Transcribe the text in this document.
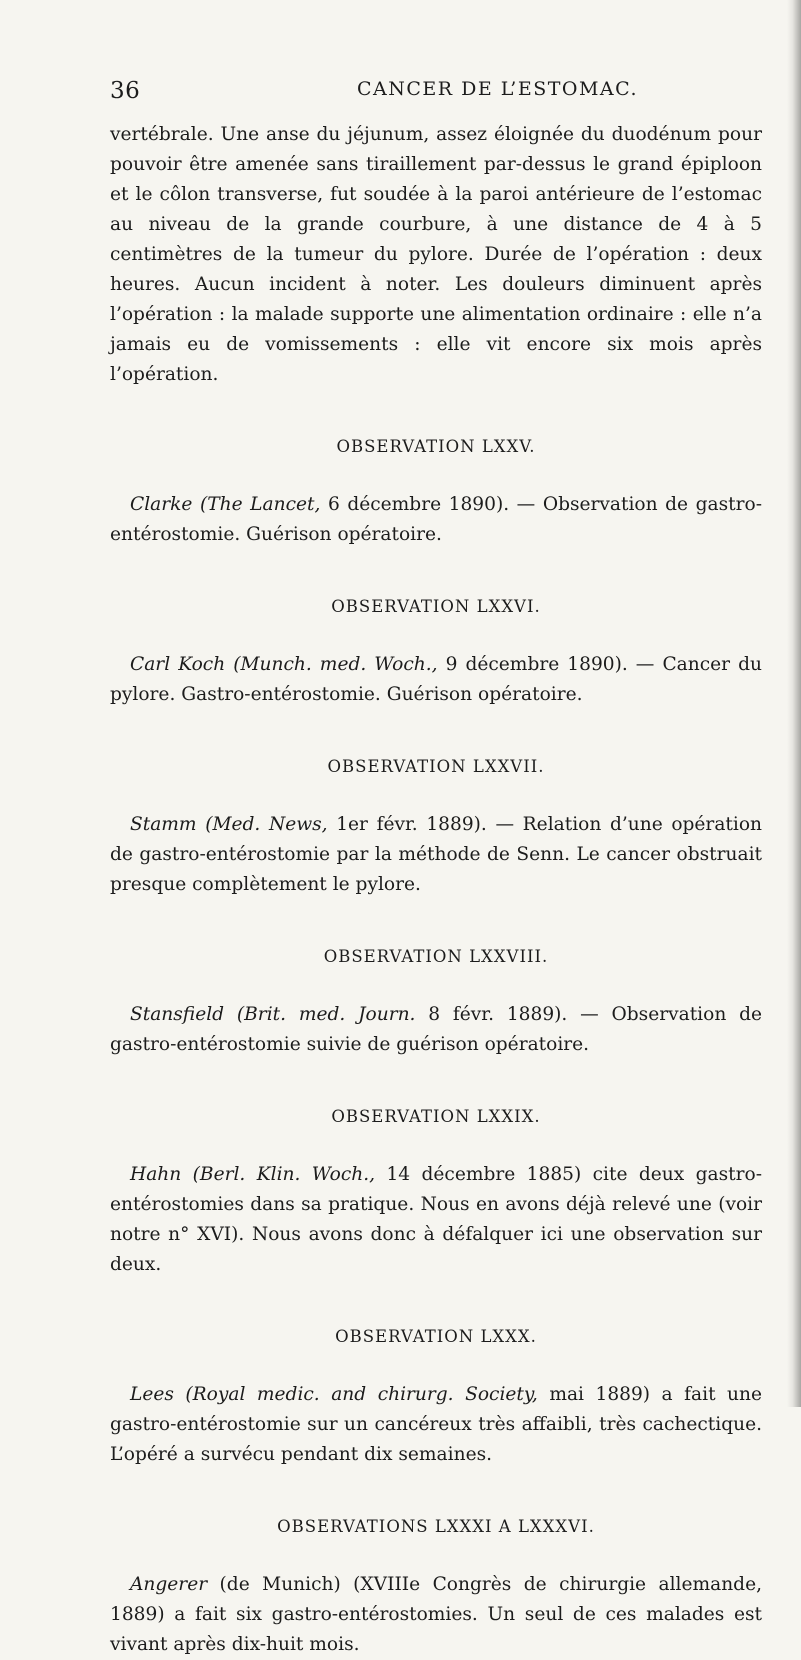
36	CANCER DE L’ESTOMAC.

vertébrale. Une anse du jéjunum, assez éloignée du duodénum pour pouvoir être amenée sans tiraillement par-dessus le grand épiploon et le côlon transverse, fut soudée à la paroi antérieure de l’estomac au niveau de la grande courbure, à une distance de 4 à 5 centimètres de la tumeur du pylore. Durée de l’opération : deux heures. Aucun incident à noter. Les douleurs diminuent après l’opération : la malade supporte une alimentation ordinaire : elle n’a jamais eu de vomissements : elle vit encore six mois après l’opération.

OBSERVATION LXXV.

Clarke (The Lancet, 6 décembre 1890). — Observation de gastro-entérostomie. Guérison opératoire.

OBSERVATION LXXVI.

Carl Koch (Munch. med. Woch., 9 décembre 1890). — Cancer du pylore. Gastro-entérostomie. Guérison opératoire.

OBSERVATION LXXVII.

Stamm (Med. News, 1er févr. 1889). — Relation d’une opération de gastro-entérostomie par la méthode de Senn. Le cancer obstruait presque complètement le pylore.

OBSERVATION LXXVIII.

Stansfield (Brit. med. Journ. 8 févr. 1889). — Observation de gastro-entérostomie suivie de guérison opératoire.

OBSERVATION LXXIX.

Hahn (Berl. Klin. Woch., 14 décembre 1885) cite deux gastro-entérostomies dans sa pratique. Nous en avons déjà relevé une (voir notre n° XVI). Nous avons donc à défalquer ici une observation sur deux.

OBSERVATION LXXX.

Lees (Royal medic. and chirurg. Society, mai 1889) a fait une gastro-entérostomie sur un cancéreux très affaibli, très cachectique. L’opéré a survécu pendant dix semaines.

OBSERVATIONS LXXXI A LXXXVI.

Angerer (de Munich) (XVIIIe Congrès de chirurgie allemande, 1889) a fait six gastro-entérostomies. Un seul de ces malades est vivant après dix-huit mois.
